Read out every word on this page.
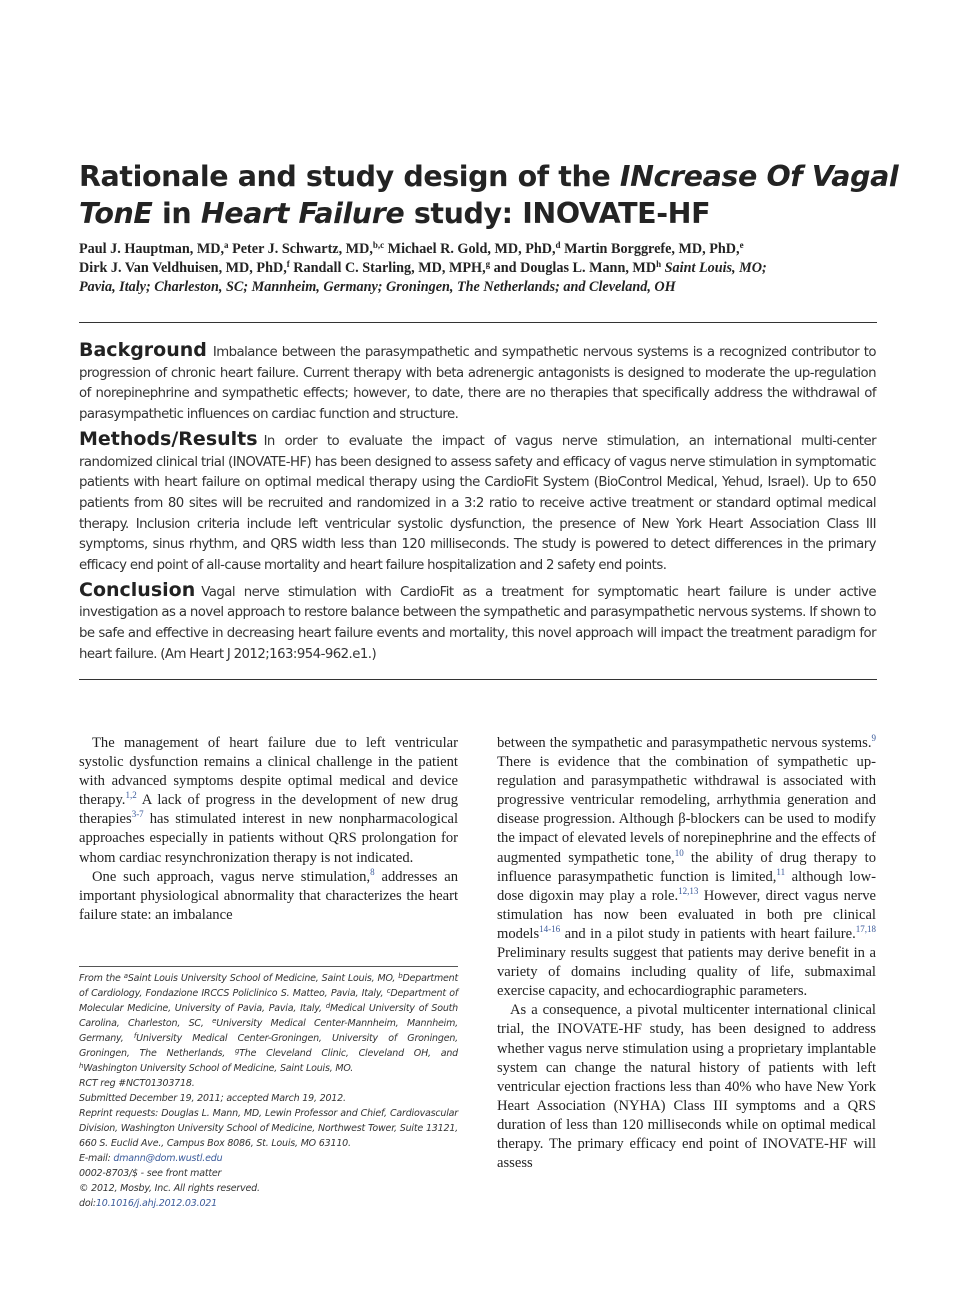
Rationale and study design of the INcrease Of Vagal
TonE in Heart Failure study: INOVATE-HF
Paul J. Hauptman, MD,$^a$ Peter J. Schwartz, MD,$^{b,c}$ Michael R. Gold, MD, PhD,$^d$ Martin Borggrefe, MD, PhD,$^e$
Dirk J. Van Veldhuisen, MD, PhD,$^f$ Randall C. Starling, MD, MPH,$^g$ and Douglas L. Mann, $MD^h$ Saint Louis, MO;
Pavia, Italy; Charleston, SC; Mannheim, Germany; Groningen, The Netherlands; and Cleveland, OH

Background Imbalance between the parasympathetic and sympathetic nervous systems is a recognized contributor to progression of chronic heart failure. Current therapy with beta adrenergic antagonists is designed to moderate the up-regulation of norepinephrine and sympathetic effects; however, to date, there are no therapies that specifically address the withdrawal of parasympathetic influences on cardiac function and structure.

Methods/Results In order to evaluate the impact of vagus nerve stimulation, an international multi-center randomized clinical trial (INOVATE-HF) has been designed to assess safety and efficacy of vagus nerve stimulation in symptomatic patients with heart failure on optimal medical therapy using the CardioFit System (BioControl Medical, Yehud, Israel). Up to 650 patients from 80 sites will be recruited and randomized in a 3:2 ratio to receive active treatment or standard optimal medical therapy. Inclusion criteria include left ventricular systolic dysfunction, the presence of New York Heart Association Class III symptoms, sinus rhythm, and QRS width less than 120 milliseconds. The study is powered to detect differences in the primary efficacy end point of all-cause mortality and heart failure hospitalization and 2 safety end points.

Conclusion Vagal nerve stimulation with CardioFit as a treatment for symptomatic heart failure is under active investigation as a novel approach to restore balance between the sympathetic and parasympathetic nervous systems. If shown to be safe and effective in decreasing heart failure events and mortality, this novel approach will impact the treatment paradigm for heart failure. (Am Heart J 2012;163:954-962.e1.)

The management of heart failure due to left ventricular systolic dysfunction remains a clinical challenge in the patient with advanced symptoms despite optimal medical and device therapy.$^{1,2}$ A lack of progress in the development of new drug therapies$^{3-7}$ has stimulated interest in new nonpharmacological approaches especially in patients without QRS prolongation for whom cardiac resynchronization therapy is not indicated.

One such approach, vagus nerve stimulation,$^8$ addresses an important physiological abnormality that characterizes the heart failure state: an imbalance

From the $^a$Saint Louis University School of Medicine, Saint Louis, MO, $^b$Department of Cardiology, Fondazione IRCCS Policlinico S. Matteo, Pavia, Italy, $^c$Department of Molecular Medicine, University of Pavia, Pavia, Italy, $^d$Medical University of South Carolina, Charleston, SC, $^e$University Medical Center-Mannheim, Mannheim, Germany, $^f$University Medical Center-Groningen, University of Groningen, Groningen, The Netherlands, $^g$The Cleveland Clinic, Cleveland OH, and $^h$Washington University School of Medicine, Saint Louis, MO.
RCT reg #NCT01303718.
Submitted December 19, 2011; accepted March 19, 2012.
Reprint requests: Douglas L. Mann, MD, Lewin Professor and Chief, Cardiovascular Division, Washington University School of Medicine, Northwest Tower, Suite 13121, 660 S. Euclid Ave., Campus Box 8086, St. Louis, MO 63110.
E-mail: dmann@dom.wustl.edu
0002-8703/$ - see front matter
© 2012, Mosby, Inc. All rights reserved.
doi:10.1016/j.ahj.2012.03.021

between the sympathetic and parasympathetic nervous systems.$^9$ There is evidence that the combination of sympathetic up-regulation and parasympathetic withdrawal is associated with progressive ventricular remodeling, arrhythmia generation and disease progression. Although β-blockers can be used to modify the impact of elevated levels of norepinephrine and the effects of augmented sympathetic tone,$^{10}$ the ability of drug therapy to influence parasympathetic function is limited,$^{11}$ although low-dose digoxin may play a role.$^{12,13}$ However, direct vagus nerve stimulation has now been evaluated in both pre clinical models$^{14-16}$ and in a pilot study in patients with heart failure.$^{17,18}$ Preliminary results suggest that patients may derive benefit in a variety of domains including quality of life, submaximal exercise capacity, and echocardiographic parameters.

As a consequence, a pivotal multicenter international clinical trial, the INOVATE-HF study, has been designed to address whether vagus nerve stimulation using a proprietary implantable system can change the natural history of patients with left ventricular ejection fractions less than 40% who have New York Heart Association (NYHA) Class III symptoms and a QRS duration of less than 120 milliseconds while on optimal medical therapy. The primary efficacy end point of INOVATE-HF will assess
